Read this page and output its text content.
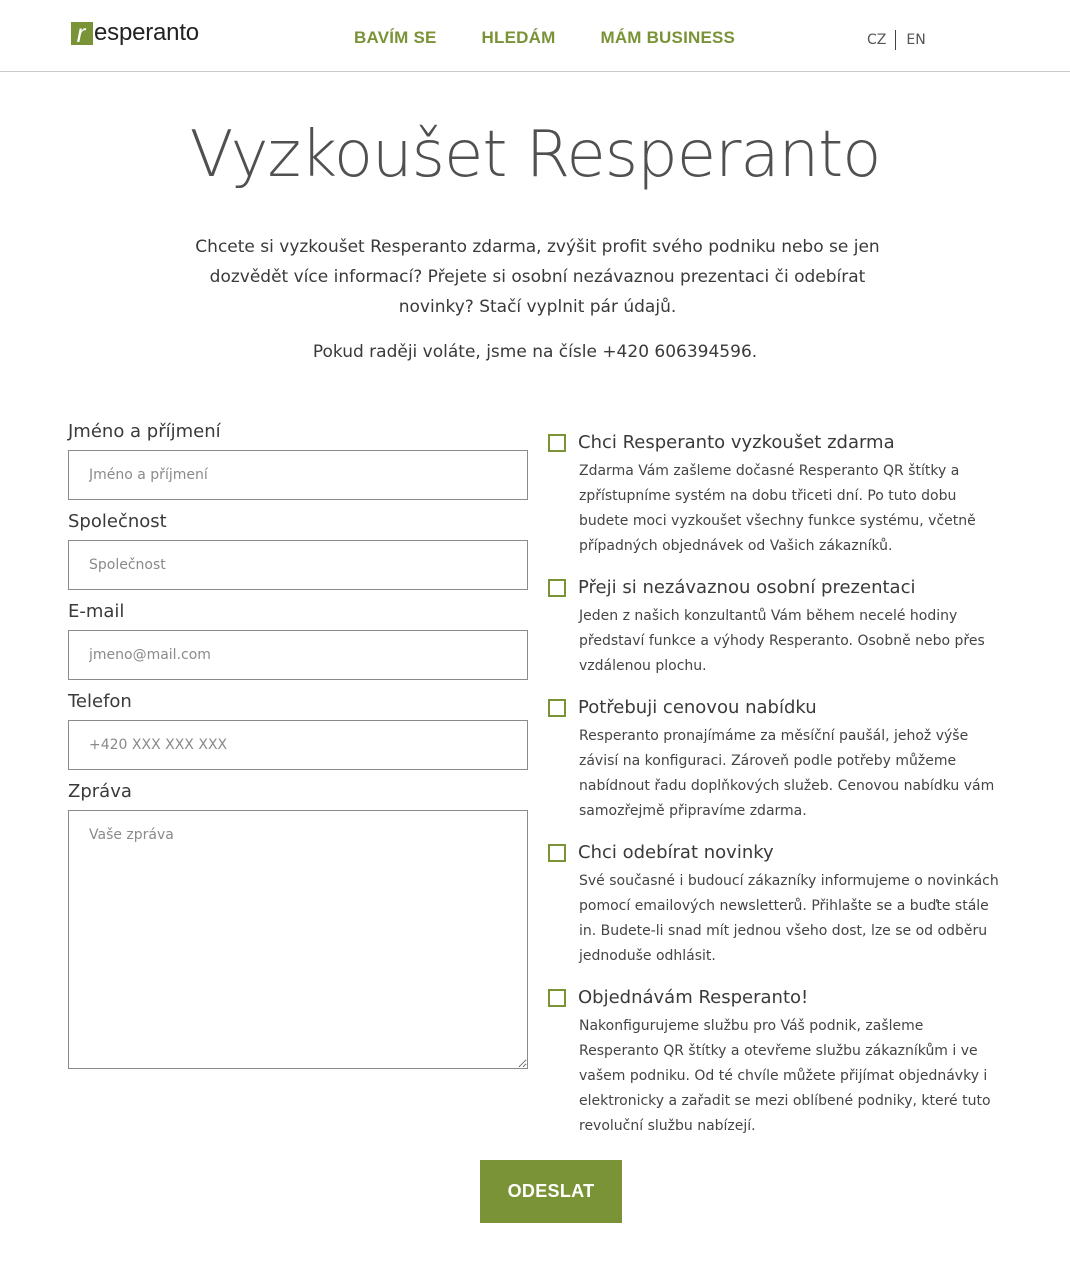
r esperanto	BAVÍM SE	HLEDÁM	MÁM BUSINESS	CZ EN
Vyzkoušet Resperanto

Chcete si vyzkoušet Resperanto zdarma, zvýšit profit svého podniku nebo se jen dozvědět více informací? Přejete si osobní nezávaznou prezentaci či odebírat novinky? Stačí vyplnit pár údajů.

Pokud raději voláte, jsme na čísle +420 606394596.

Jméno a příjmení
Jméno a příjmení
Společnost
Společnost
E-mail
jmeno@mail.com
Telefon
+420 XXX XXX XXX
Zpráva
Vaše zpráva
Chci Resperanto vyzkoušet zdarma
Zdarma Vám zašleme dočasné Resperanto QR štítky a zpřístupníme systém na dobu třiceti dní. Po tuto dobu budete moci vyzkoušet všechny funkce systému, včetně případných objednávek od Vašich zákazníků.
Přeji si nezávaznou osobní prezentaci
Jeden z našich konzultantů Vám během necelé hodiny představí funkce a výhody Resperanto. Osobně nebo přes vzdálenou plochu.
Potřebuji cenovou nabídku
Resperanto pronajímáme za měsíční paušál, jehož výše závisí na konfiguraci. Zároveň podle potřeby můžeme nabídnout řadu doplňkových služeb. Cenovou nabídku vám samozřejmě připravíme zdarma.
Chci odebírat novinky
Své současné i budoucí zákazníky informujeme o novinkách pomocí emailových newsletterů. Přihlašte se a buďte stále in. Budete-li snad mít jednou všeho dost, lze se od odběru jednoduše odhlásit.
Objednávám Resperanto!
Nakonfigurujeme službu pro Váš podnik, zašleme Resperanto QR štítky a otevřeme službu zákazníkům i ve vašem podniku. Od té chvíle můžete přijímat objednávky i elektronicky a zařadit se mezi oblíbené podniky, které tuto revoluční službu nabízejí.
ODESLAT
